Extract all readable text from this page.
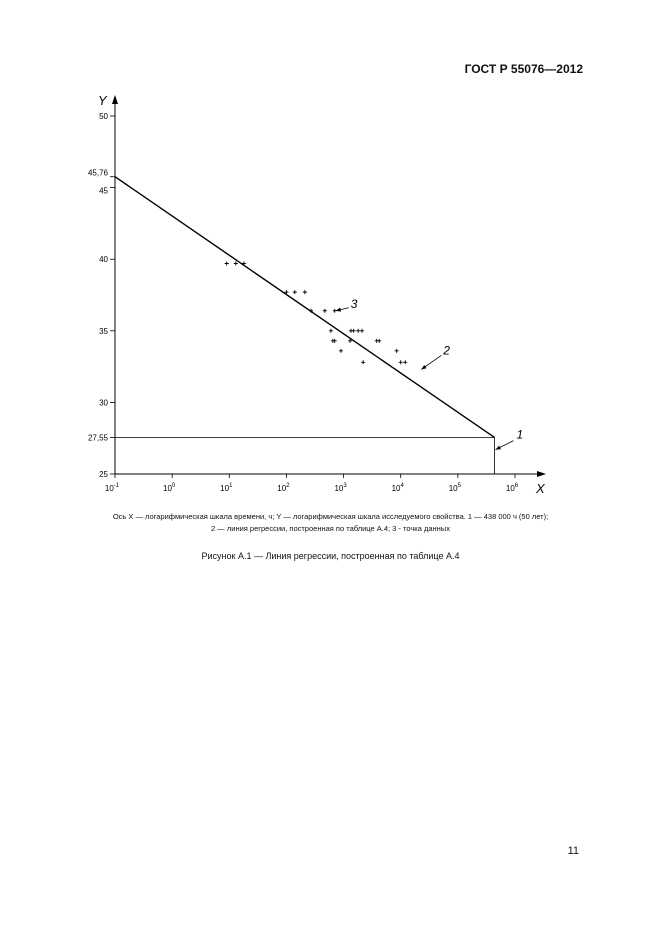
ГОСТ Р 55076—2012
X
Y
25
27,55
30
35
40
45
45,76
50
$10^{-1}$	$10^0$	$10^1$	$10^2$	$10^3$	$10^4$	$10^5$	$10^6$
1
2
3
Ось X — логарифмическая шкала времени, ч; Y — логарифмическая шкала исследуемого свойства. 1 — 438 000 ч (50 лет);
2 — линия регрессии, построенная по таблице А.4; 3 - точка данных
Рисунок А.1 — Линия регрессии, построенная по таблице А.4
11
